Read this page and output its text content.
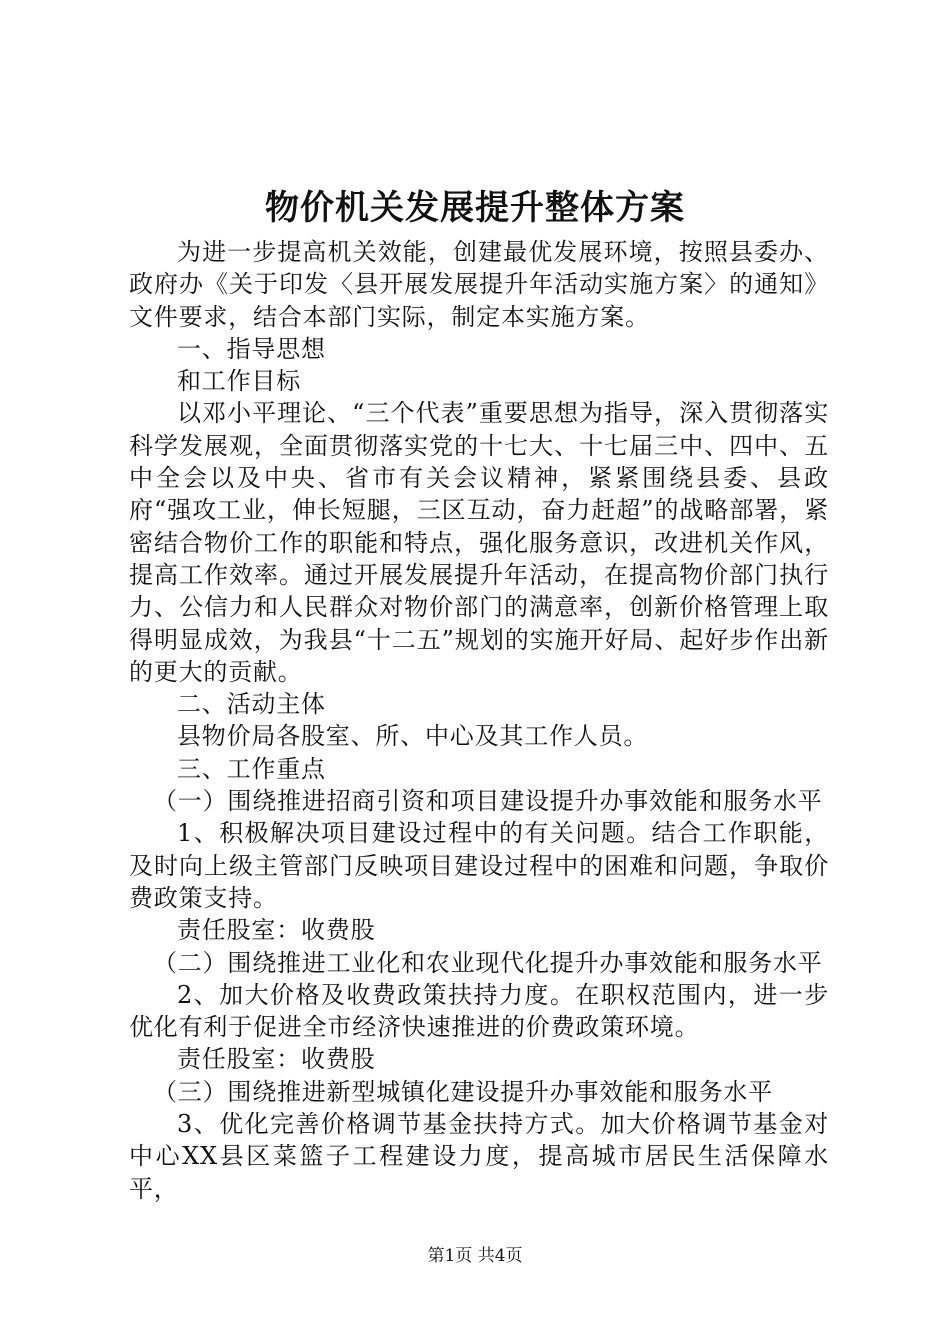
物价机关发展提升整体方案

为进一步提高机关效能，创建最优发展环境，按照县委办、政府办《关于印发〈县开展发展提升年活动实施方案〉的通知》文件要求，结合本部门实际，制定本实施方案。

一、指导思想

和工作目标

以邓小平理论、“三个代表”重要思想为指导，深入贯彻落实科学发展观，全面贯彻落实党的十七大、十七届三中、四中、五中全会以及中央、省市有关会议精神，紧紧围绕县委、县政府“强攻工业，伸长短腿，三区互动，奋力赶超”的战略部署，紧密结合物价工作的职能和特点，强化服务意识，改进机关作风，提高工作效率。通过开展发展提升年活动，在提高物价部门执行力、公信力和人民群众对物价部门的满意率，创新价格管理上取得明显成效，为我县“十二五”规划的实施开好局、起好步作出新的更大的贡献。

二、活动主体

县物价局各股室、所、中心及其工作人员。

三、工作重点

（一）围绕推进招商引资和项目建设提升办事效能和服务水平

1、积极解决项目建设过程中的有关问题。结合工作职能，及时向上级主管部门反映项目建设过程中的困难和问题，争取价费政策支持。

责任股室：收费股

（二）围绕推进工业化和农业现代化提升办事效能和服务水平

2、加大价格及收费政策扶持力度。在职权范围内，进一步优化有利于促进全市经济快速推进的价费政策环境。

责任股室：收费股

（三）围绕推进新型城镇化建设提升办事效能和服务水平

3、优化完善价格调节基金扶持方式。加大价格调节基金对中心XX县区菜篮子工程建设力度，提高城市居民生活保障水平，

第1页 共4页
